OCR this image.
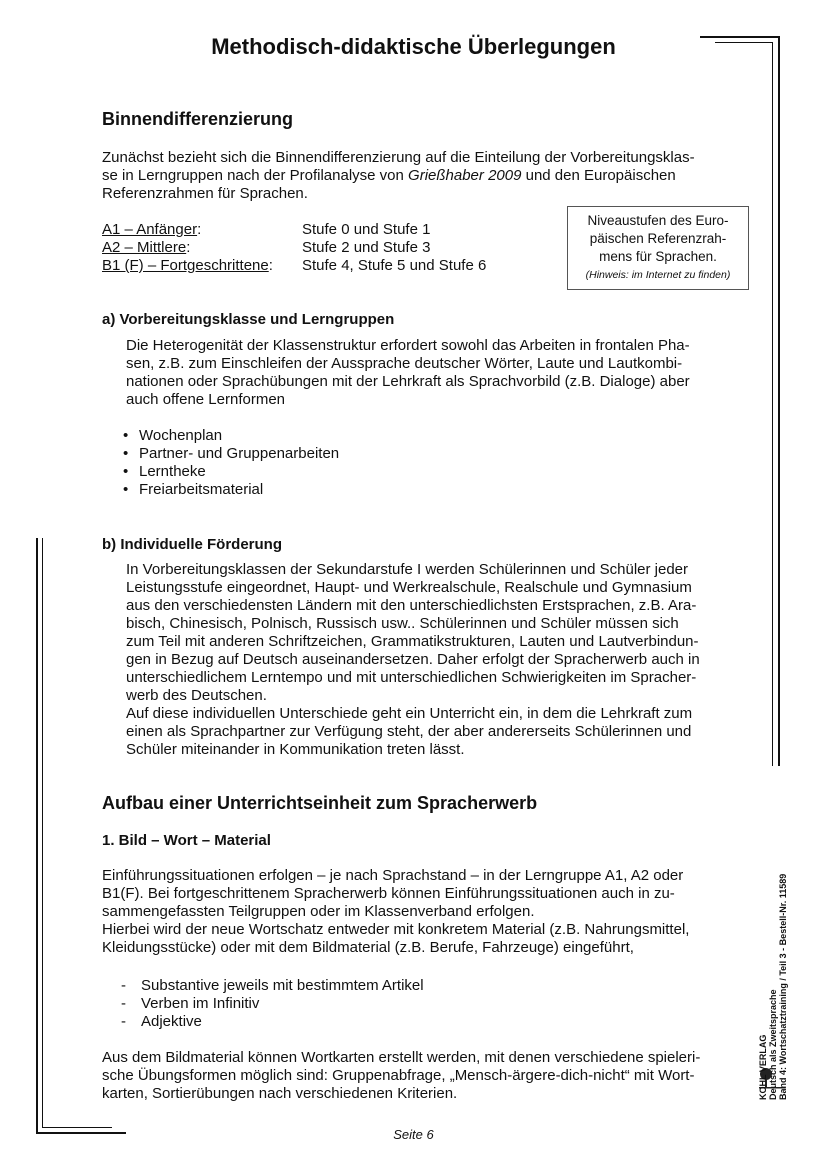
Methodisch-didaktische Überlegungen
Binnendifferenzierung
Zunächst bezieht sich die Binnendifferenzierung auf die Einteilung der Vorbereitungsklas-
se in Lerngruppen nach der Profilanalyse von Grießhaber 2009 und den Europäischen
Referenzrahmen für Sprachen.
A1 – Anfänger:	Stufe 0 und Stufe 1
A2 – Mittlere:	Stufe 2 und Stufe 3
B1 (F) – Fortgeschrittene: Stufe 4, Stufe 5 und Stufe 6
Niveaustufen des Euro-
päischen Referenzrah-
mens für Sprachen.
(Hinweis: im Internet zu finden)
a) Vorbereitungsklasse und Lerngruppen
Die Heterogenität der Klassenstruktur erfordert sowohl das Arbeiten in frontalen Pha-
sen, z.B. zum Einschleifen der Aussprache deutscher Wörter, Laute und Lautkombi-
nationen oder Sprachübungen mit der Lehrkraft als Sprachvorbild (z.B. Dialoge) aber
auch offene Lernformen
• Wochenplan
• Partner- und Gruppenarbeiten
• Lerntheke
• Freiarbeitsmaterial
b) Individuelle Förderung
In Vorbereitungsklassen der Sekundarstufe I werden Schülerinnen und Schüler jeder
Leistungsstufe eingeordnet, Haupt- und Werkrealschule, Realschule und Gymnasium
aus den verschiedensten Ländern mit den unterschiedlichsten Erstsprachen, z.B. Ara-
bisch, Chinesisch, Polnisch, Russisch usw.. Schülerinnen und Schüler müssen sich
zum Teil mit anderen Schriftzeichen, Grammatikstrukturen, Lauten und Lautverbindun-
gen in Bezug auf Deutsch auseinandersetzen. Daher erfolgt der Spracherwerb auch in
unterschiedlichem Lerntempo und mit unterschiedlichen Schwierigkeiten im Spracher-
werb des Deutschen.
Auf diese individuellen Unterschiede geht ein Unterricht ein, in dem die Lehrkraft zum
einen als Sprachpartner zur Verfügung steht, der aber andererseits Schülerinnen und
Schüler miteinander in Kommunikation treten lässt.
Aufbau einer Unterrichtseinheit zum Spracherwerb
1. Bild – Wort – Material
Einführungssituationen erfolgen – je nach Sprachstand – in der Lerngruppe A1, A2 oder
B1(F). Bei fortgeschrittenem Spracherwerb können Einführungssituationen auch in zu-
sammengefassten Teilgruppen oder im Klassenverband erfolgen.
Hierbei wird der neue Wortschatz entweder mit konkretem Material (z.B. Nahrungsmittel,
Kleidungsstücke) oder mit dem Bildmaterial (z.B. Berufe, Fahrzeuge) eingeführt,
- Substantive jeweils mit bestimmtem Artikel
- Verben im Infinitiv
- Adjektive
Aus dem Bildmaterial können Wortkarten erstellt werden, mit denen verschiedene spieleri-
sche Übungsformen möglich sind: Gruppenabfrage, „Mensch-ärgere-dich-nicht“ mit Wort-
karten, Sortierübungen nach verschiedenen Kriterien.	KOHL VERLAG Deutsch als Zweitsprache Band 4: Wortschatztraining / Teil 3 - Bestell-Nr. 11589
Seite 6
